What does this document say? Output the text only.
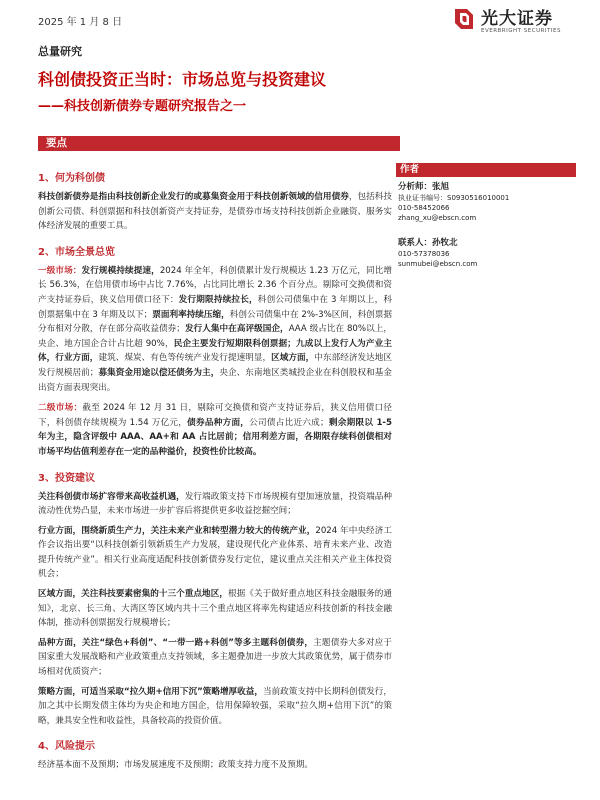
2025 年 1 月 8 日	光大证券
EVERBRIGHT SECURITIES
总量研究
科创债投资正当时：市场总览与投资建议
——科技创新债券专题研究报告之一
要点
1、何为科创债

科技创新债券是指由科技创新企业发行的或募集资金用于科技创新领域的信用债券，包括科技创新公司债、科创票据和科技创新资产支持证券，是债券市场支持科技创新企业融资、服务实体经济发展的重要工具。

2、市场全景总览

一级市场：发行规模持续提速，2024 年全年，科创债累计发行规模达 1.23 万亿元，同比增长 56.3%，在信用债市场中占比 7.76%，占比同比增长 2.36 个百分点。剔除可交换债和资产支持证券后，狭义信用债口径下：发行期限持续拉长，科创公司债集中在 3 年期以上，科创票据集中在 3 年期及以下；票面利率持续压缩，科创公司债集中在 2%-3%区间，科创票据分布相对分散，存在部分高收益债券；发行人集中在高评级国企，AAA 级占比在 80%以上，央企、地方国企合计占比超 90%，民企主要发行短期限科创票据；九成以上发行人为产业主体，行业方面，建筑、煤炭、有色等传统产业发行提速明显，区域方面，中东部经济发达地区发行规模居前；募集资金用途以偿还债务为主，央企、东南地区类城投企业在科创股权和基金出资方面表现突出。

二级市场：截至 2024 年 12 月 31 日，剔除可交换债和资产支持证券后，狭义信用债口径下，科创债存续规模为 1.54 万亿元，债券品种方面，公司债占比近六成；剩余期限以 1-5 年为主，隐含评级中 AAA、AA+和 AA 占比居前；信用利差方面，各期限存续科创债相对市场平均估值利差存在一定的品种溢价，投资性价比较高。

3、投资建议

关注科创债市场扩容带来高收益机遇，发行端政策支持下市场规模有望加速放量，投资端品种流动性优势凸显，未来市场进一步扩容后将提供更多收益挖掘空间；

行业方面，围绕新质生产力，关注未来产业和转型潜力较大的传统产业，2024 年中央经济工作会议指出要“以科技创新引领新质生产力发展，建设现代化产业体系、培育未来产业、改造提升传统产业”。相关行业高度适配科技创新债券发行定位，建议重点关注相关产业主体投资机会；

区域方面，关注科技要素密集的十三个重点地区，根据《关于做好重点地区科技金融服务的通知》，北京、长三角、大湾区等区域内共十三个重点地区将率先构建适应科技创新的科技金融体制，推动科创票据发行规模增长；

品种方面，关注“绿色+科创”、“一带一路+科创”等多主题科创债券，主题债券大多对应于国家重大发展战略和产业政策重点支持领域，多主题叠加进一步放大其政策优势，属于债券市场相对优质资产；

策略方面，可适当采取“拉久期+信用下沉”策略增厚收益，当前政策支持中长期科创债发行，加之其中长期发债主体均为央企和地方国企，信用保障较强，采取“拉久期+信用下沉”的策略，兼具安全性和收益性，具备较高的投资价值。

4、风险提示

经济基本面不及预期；市场发展速度不及预期；政策支持力度不及预期。

作者
分析师：张旭
执业证书编号：S0930516010001
010-58452066
zhang_xu@ebscn.com
联系人：孙牧北
010-57378036
sunmubei@ebscn.com
